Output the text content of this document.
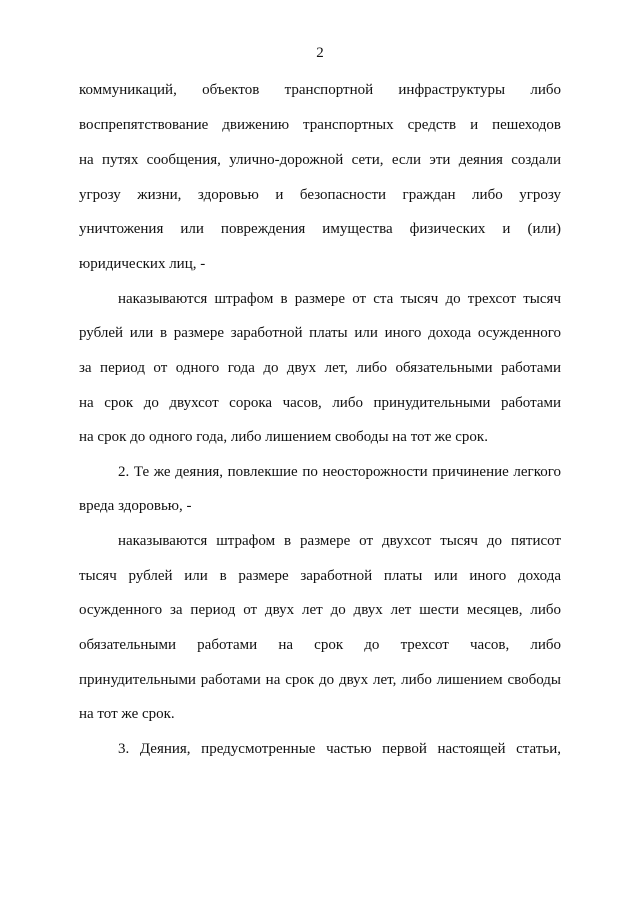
2
коммуникаций, объектов транспортной инфраструктуры либо
воспрепятствование движению транспортных средств и пешеходов
на путях сообщения, улично-дорожной сети, если эти деяния создали
угрозу жизни, здоровью и безопасности граждан либо угрозу
уничтожения или повреждения имущества физических и (или)
юридических лиц, -
наказываются штрафом в размере от ста тысяч до трехсот тысяч
рублей или в размере заработной платы или иного дохода осужденного
за период от одного года до двух лет, либо обязательными работами
на срок до двухсот сорока часов, либо принудительными работами
на срок до одного года, либо лишением свободы на тот же срок.
2. Те же деяния, повлекшие по неосторожности причинение легкого
вреда здоровью, -
наказываются штрафом в размере от двухсот тысяч до пятисот
тысяч рублей или в размере заработной платы или иного дохода
осужденного за период от двух лет до двух лет шести месяцев, либо
обязательными работами на срок до трехсот часов, либо
принудительными работами на срок до двух лет, либо лишением свободы
на тот же срок.
3. Деяния, предусмотренные частью первой настоящей статьи,
